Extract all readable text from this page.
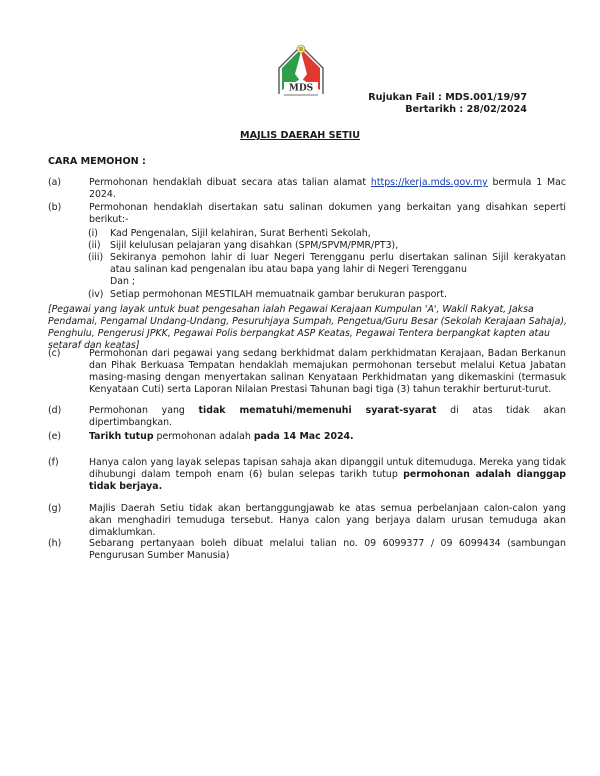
MDS
Rujukan Fail : MDS.001/19/97
Bertarikh : 28/02/2024
MAJLIS DAERAH SETIU
CARA MEMOHON :
(a)	Permohonan hendaklah dibuat secara atas talian alamat https://kerja.mds.gov.my bermula 1 Mac 2024.
(b)	Permohonan hendaklah disertakan satu salinan dokumen yang berkaitan yang disahkan seperti berikut:-
(i) Kad Pengenalan, Sijil kelahiran, Surat Berhenti Sekolah,
(ii) Sijil kelulusan pelajaran yang disahkan (SPM/SPVM/PMR/PT3),
(iii) Sekiranya pemohon lahir di luar Negeri Terengganu perlu disertakan salinan Sijil kerakyatan atau salinan kad pengenalan ibu atau bapa yang lahir di Negeri Terengganu
Dan ;
(iv) Setiap permohonan MESTILAH memuatnaik gambar berukuran pasport.
[Pegawai yang layak untuk buat pengesahan ialah Pegawai Kerajaan Kumpulan 'A', Wakil Rakyat, Jaksa Pendamai, Pengamal Undang-Undang, Pesuruhjaya Sumpah, Pengetua/Guru Besar (Sekolah Kerajaan Sahaja), Penghulu, Pengerusi JPKK, Pegawai Polis berpangkat ASP Keatas, Pegawai Tentera berpangkat kapten atau setaraf dan keatas]
(c)	Permohonan dari pegawai yang sedang berkhidmat dalam perkhidmatan Kerajaan, Badan Berkanun dan Pihak Berkuasa Tempatan hendaklah memajukan permohonan tersebut melalui Ketua Jabatan masing-masing dengan menyertakan salinan Kenyataan Perkhidmatan yang dikemaskini (termasuk Kenyataan Cuti) serta Laporan Nilaian Prestasi Tahunan bagi tiga (3) tahun terakhir berturut-turut.
(d)	Permohonan yang tidak mematuhi/memenuhi syarat-syarat di atas tidak akan dipertimbangkan.
(e)	Tarikh tutup permohonan adalah pada 14 Mac 2024.
(f)	Hanya calon yang layak selepas tapisan sahaja akan dipanggil untuk ditemuduga. Mereka yang tidak dihubungi dalam tempoh enam (6) bulan selepas tarikh tutup permohonan adalah dianggap tidak berjaya.
(g)	Majlis Daerah Setiu tidak akan bertanggungjawab ke atas semua perbelanjaan calon-calon yang akan menghadiri temuduga tersebut. Hanya calon yang berjaya dalam urusan temuduga akan dimaklumkan.
(h)	Sebarang pertanyaan boleh dibuat melalui talian no. 09 6099377 / 09 6099434 (sambungan Pengurusan Sumber Manusia)
